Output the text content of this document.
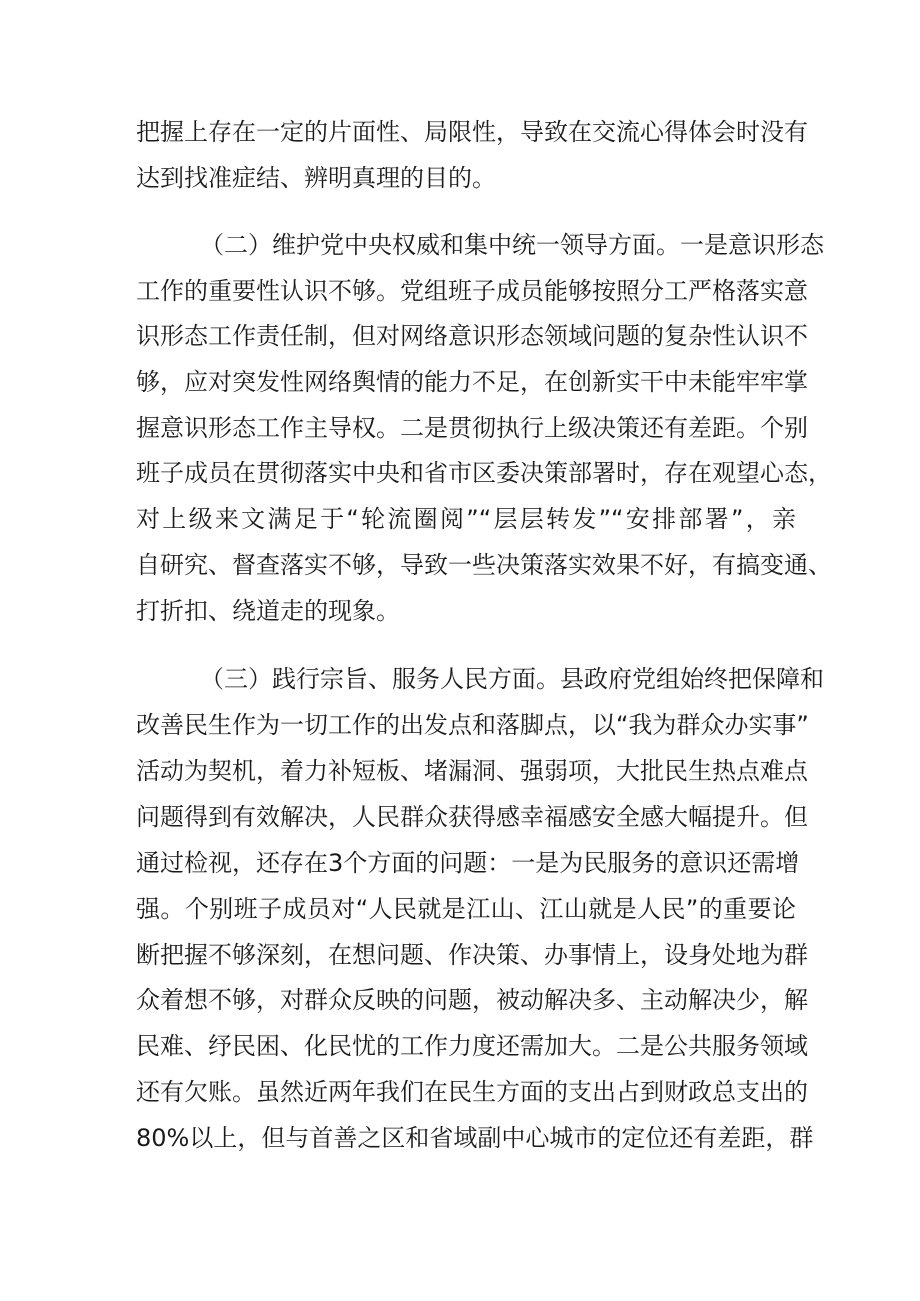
把握上存在一定的片面性、局限性，导致在交流心得体会时没有

达到找准症结、辨明真理的目的。

（二）维护党中央权威和集中统一领导方面。一是意识形态

工作的重要性认识不够。党组班子成员能够按照分工严格落实意

识形态工作责任制，但对网络意识形态领域问题的复杂性认识不

够，应对突发性网络舆情的能力不足，在创新实干中未能牢牢掌

握意识形态工作主导权。二是贯彻执行上级决策还有差距。个别

班子成员在贯彻落实中央和省市区委决策部署时，存在观望心态，

对上级来文满足于“轮流圈阅”“层层转发”“安排部署”，亲

自研究、督查落实不够，导致一些决策落实效果不好，有搞变通、

打折扣、绕道走的现象。

（三）践行宗旨、服务人民方面。县政府党组始终把保障和

改善民生作为一切工作的出发点和落脚点，以“我为群众办实事”

活动为契机，着力补短板、堵漏洞、强弱项，大批民生热点难点

问题得到有效解决，人民群众获得感幸福感安全感大幅提升。但

通过检视，还存在3个方面的问题：一是为民服务的意识还需增

强。个别班子成员对“人民就是江山、江山就是人民”的重要论

断把握不够深刻，在想问题、作决策、办事情上，设身处地为群

众着想不够，对群众反映的问题，被动解决多、主动解决少，解

民难、纾民困、化民忧的工作力度还需加大。二是公共服务领域

还有欠账。虽然近两年我们在民生方面的支出占到财政总支出的

80%以上，但与首善之区和省域副中心城市的定位还有差距，群
